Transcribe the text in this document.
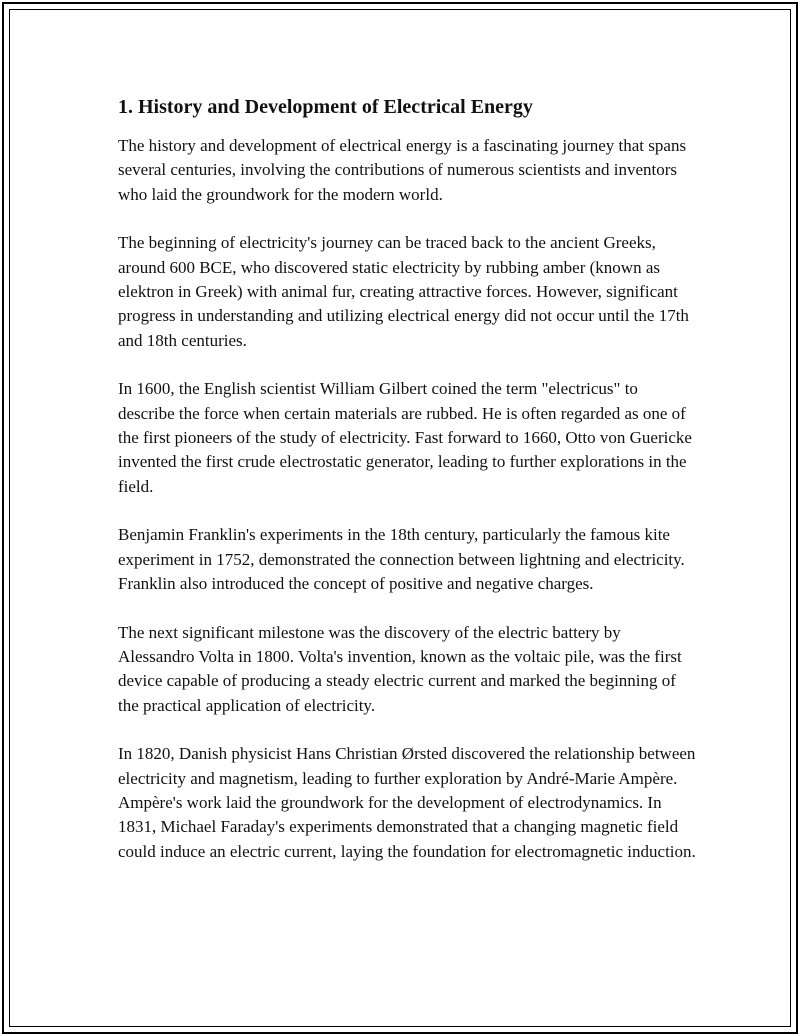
1. History and Development of Electrical Energy

The history and development of electrical energy is a fascinating journey that spans several centuries, involving the contributions of numerous scientists and inventors who laid the groundwork for the modern world.

The beginning of electricity's journey can be traced back to the ancient Greeks, around 600 BCE, who discovered static electricity by rubbing amber (known as elektron in Greek) with animal fur, creating attractive forces. However, significant progress in understanding and utilizing electrical energy did not occur until the 17th and 18th centuries.

In 1600, the English scientist William Gilbert coined the term "electricus" to describe the force when certain materials are rubbed. He is often regarded as one of the first pioneers of the study of electricity. Fast forward to 1660, Otto von Guericke invented the first crude electrostatic generator, leading to further explorations in the field.

Benjamin Franklin's experiments in the 18th century, particularly the famous kite experiment in 1752, demonstrated the connection between lightning and electricity. Franklin also introduced the concept of positive and negative charges.

The next significant milestone was the discovery of the electric battery by Alessandro Volta in 1800. Volta's invention, known as the voltaic pile, was the first device capable of producing a steady electric current and marked the beginning of the practical application of electricity.

In 1820, Danish physicist Hans Christian Ørsted discovered the relationship between electricity and magnetism, leading to further exploration by André-Marie Ampère. Ampère's work laid the groundwork for the development of electrodynamics. In 1831, Michael Faraday's experiments demonstrated that a changing magnetic field could induce an electric current, laying the foundation for electromagnetic induction.
